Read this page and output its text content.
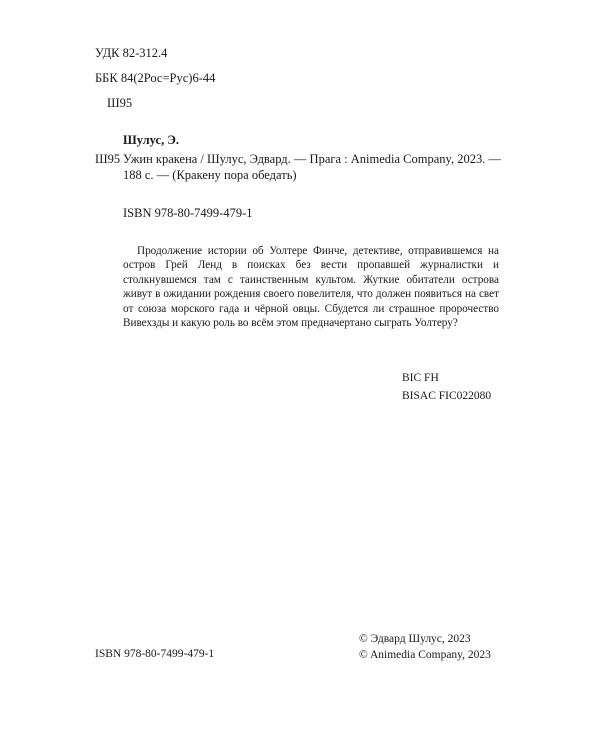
УДК 82-312.4
ББК 84(2Рос=Рус)6-44
Ш95
Шулус, Э.
Ш95 Ужин кракена / Шулус, Эдвард. — Прага : Animedia Company, 2023. —
188 с. — (Кракену пора обедать)
ISBN 978-80-7499-479-1

Продолжение истории об Уолтере Финче, детективе, отправившемся на остров Грей Ленд в поисках без вести пропавшей журналистки и столкнувшемся там с таинственным культом. Жуткие обитатели острова живут в ожидании рождения своего повелителя, что должен появиться на свет от союза морского гада и чёрной овцы. Сбудется ли страшное пророчество Вивехзды и какую роль во всём этом предначертано сыграть Уолтеру?

BIC FH
BISAC FIC022080
© Эдвард Шулус, 2023
© Animedia Company, 2023
ISBN 978-80-7499-479-1
